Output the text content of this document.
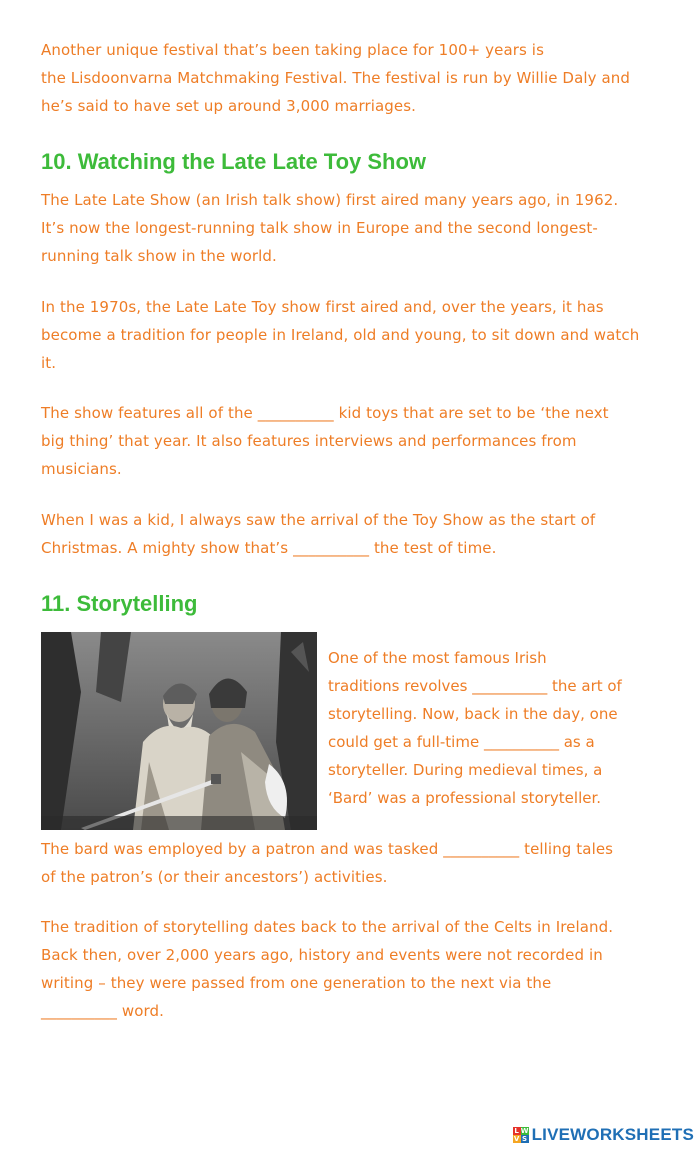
Another unique festival that’s been taking place for 100+ years is
the Lisdoonvarna Matchmaking Festival. The festival is run by Willie Daly and
he’s said to have set up around 3,000 marriages.

10. Watching the Late Late Toy Show

The Late Late Show (an Irish talk show) first aired many years ago, in 1962.
It’s now the longest-running talk show in Europe and the second longest-
running talk show in the world.

In the 1970s, the Late Late Toy show first aired and, over the years, it has
become a tradition for people in Ireland, old and young, to sit down and watch
it.

The show features all of the __________ kid toys that are set to be ‘the next
big thing’ that year. It also features interviews and performances from
musicians.

When I was a kid, I always saw the arrival of the Toy Show as the start of
Christmas. A mighty show that’s __________ the test of time.

11. Storytelling

One of the most famous Irish
traditions revolves __________ the art of
storytelling. Now, back in the day, one
could get a full-time __________ as a
storyteller. During medieval times, a
‘Bard’ was a professional storyteller.

The bard was employed by a patron and was tasked __________ telling tales
of the patron’s (or their ancestors’) activities.

The tradition of storytelling dates back to the arrival of the Celts in Ireland.
Back then, over 2,000 years ago, history and events were not recorded in
writing – they were passed from one generation to the next via the
__________ word.

L W
V S LIVEWORKSHEETS
